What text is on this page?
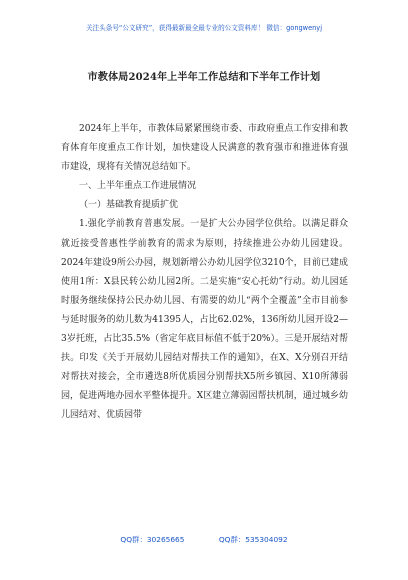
关注头条号“公文研究”，获得最新最全最专业的公文资料库！ 微信：gongwenyj
市教体局2024年上半年工作总结和下半年工作计划

2024年上半年，市教体局紧紧围绕市委、市政府重点工作安排和教育体育年度重点工作计划，加快建设人民满意的教育强市和推进体育强市建设，现将有关情况总结如下。

一、上半年重点工作进展情况

（一）基础教育提质扩优

1.强化学前教育普惠发展。一是扩大公办园学位供给。以满足群众就近接受普惠性学前教育的需求为原则，持续推进公办幼儿园建设。2024年建设9所公办园，规划新增公办幼儿园学位3210个，目前已建成使用1所：X县民转公幼儿园2所。二是实施“安心托幼”行动。幼儿园延时服务继续保持公民办幼儿园、有需要的幼儿“两个全覆盖”全市目前参与延时服务的幼儿数为41395人，占比62.02%，136所幼儿园开设2—3岁托班，占比35.5%（省定年底目标值不低于20%）。三是开展结对帮扶。印发《关于开展幼儿园结对帮扶工作的通知》，在X、X分别召开结对帮扶对接会，全市遴选8所优质园分别帮扶X5所乡镇园、X10所薄弱园，促进两地办园水平整体提升。X区建立薄弱园帮扶机制，通过城乡幼儿园结对、优质园带

QQ群：30265665	QQ群：535304092
